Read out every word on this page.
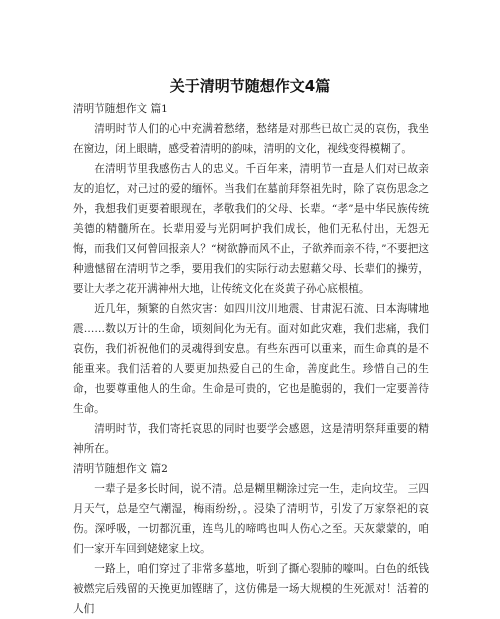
关于清明节随想作文4篇

清明节随想作文 篇1

清明时节人们的心中充满着愁绪，愁绪是对那些已故亡灵的哀伤，我坐在窗边，闭上眼睛，感受着清明的韵味，清明的文化，视线变得模糊了。

在清明节里我感伤古人的忠义。千百年来，清明节一直是人们对已故亲友的追忆，对己过的爱的缅怀。当我们在墓前拜祭祖先时，除了哀伤思念之外，我想我们更要着眼现在，孝敬我们的父母、长辈。“孝”是中华民族传统美德的精髓所在。长辈用爱与光阴呵护我们成长，他们无私付出，无怨无悔，而我们又何曾回报亲人？“树欲静而风不止，子欲养而亲不待，”不要把这种遗憾留在清明节之季，要用我们的实际行动去慰藉父母、长辈们的操劳，要让大孝之花开满神州大地，让传统文化在炎黄子孙心底根植。

近几年，频繁的自然灾害：如四川汶川地震、甘肃泥石流、日本海啸地震……数以万计的生命，顷刻间化为无有。面对如此灾难，我们悲痛，我们哀伤，我们祈祝他们的灵魂得到安息。有些东西可以重来，而生命真的是不能重来。我们活着的人要更加热爱自己的生命，善度此生。珍惜自己的生命，也要尊重他人的生命。生命是可贵的，它也是脆弱的，我们一定要善待生命。

清明时节，我们寄托哀思的同时也要学会感恩，这是清明祭拜重要的精神所在。

清明节随想作文 篇2

一辈子是多长时间，说不清。总是糊里糊涂过完一生，走向坟茔。 三四月天气，总是空气潮湿，梅雨纷纷，。浸染了清明节，引发了万家祭祀的哀伤。深呼吸，一切都沉重，连鸟儿的啼鸣也叫人伤心之至。天灰蒙蒙的，咱们一家开车回到姥姥家上坟。

一路上，咱们穿过了非常多墓地，听到了撕心裂肺的嚎叫。白色的纸钱被燃完后残留的天挽更加铿瞎了，这仿佛是一场大规模的生死派对！活着的人们
